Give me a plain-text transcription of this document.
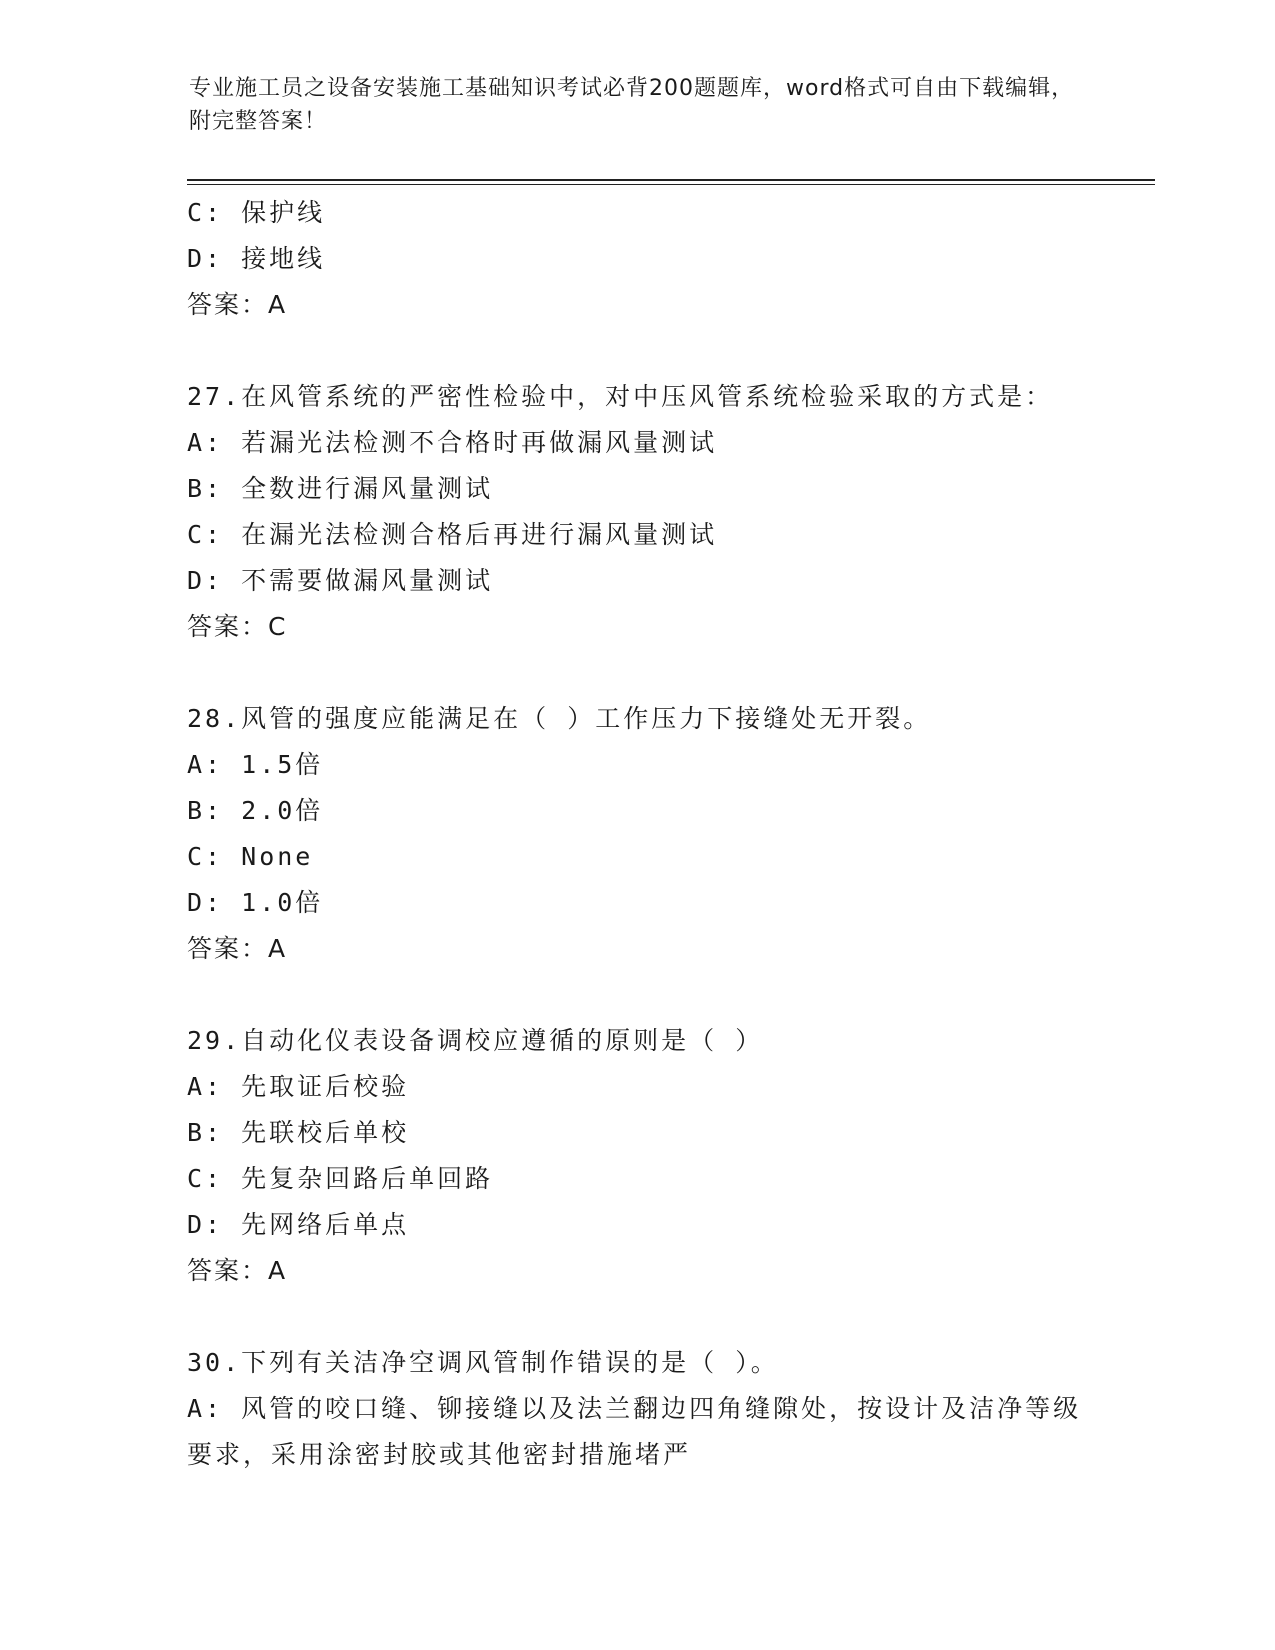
专业施工员之设备安装施工基础知识考试必背200题题库，word格式可自由下载编辑，附完整答案！
C: 保护线
D: 接地线
答案：A
27.在风管系统的严密性检验中，对中压风管系统检验采取的方式是：
A: 若漏光法检测不合格时再做漏风量测试
B: 全数进行漏风量测试
C: 在漏光法检测合格后再进行漏风量测试
D: 不需要做漏风量测试
答案：C
28.风管的强度应能满足在（ ）工作压力下接缝处无开裂。
A: 1.5倍
B: 2.0倍
C: None
D: 1.0倍
答案：A
29.自动化仪表设备调校应遵循的原则是（ ）
A: 先取证后校验
B: 先联校后单校
C: 先复杂回路后单回路
D: 先网络后单点
答案：A
30.下列有关洁净空调风管制作错误的是（ ）。
A: 风管的咬口缝、铆接缝以及法兰翻边四角缝隙处，按设计及洁净等级要求，采用涂密封胶或其他密封措施堵严
